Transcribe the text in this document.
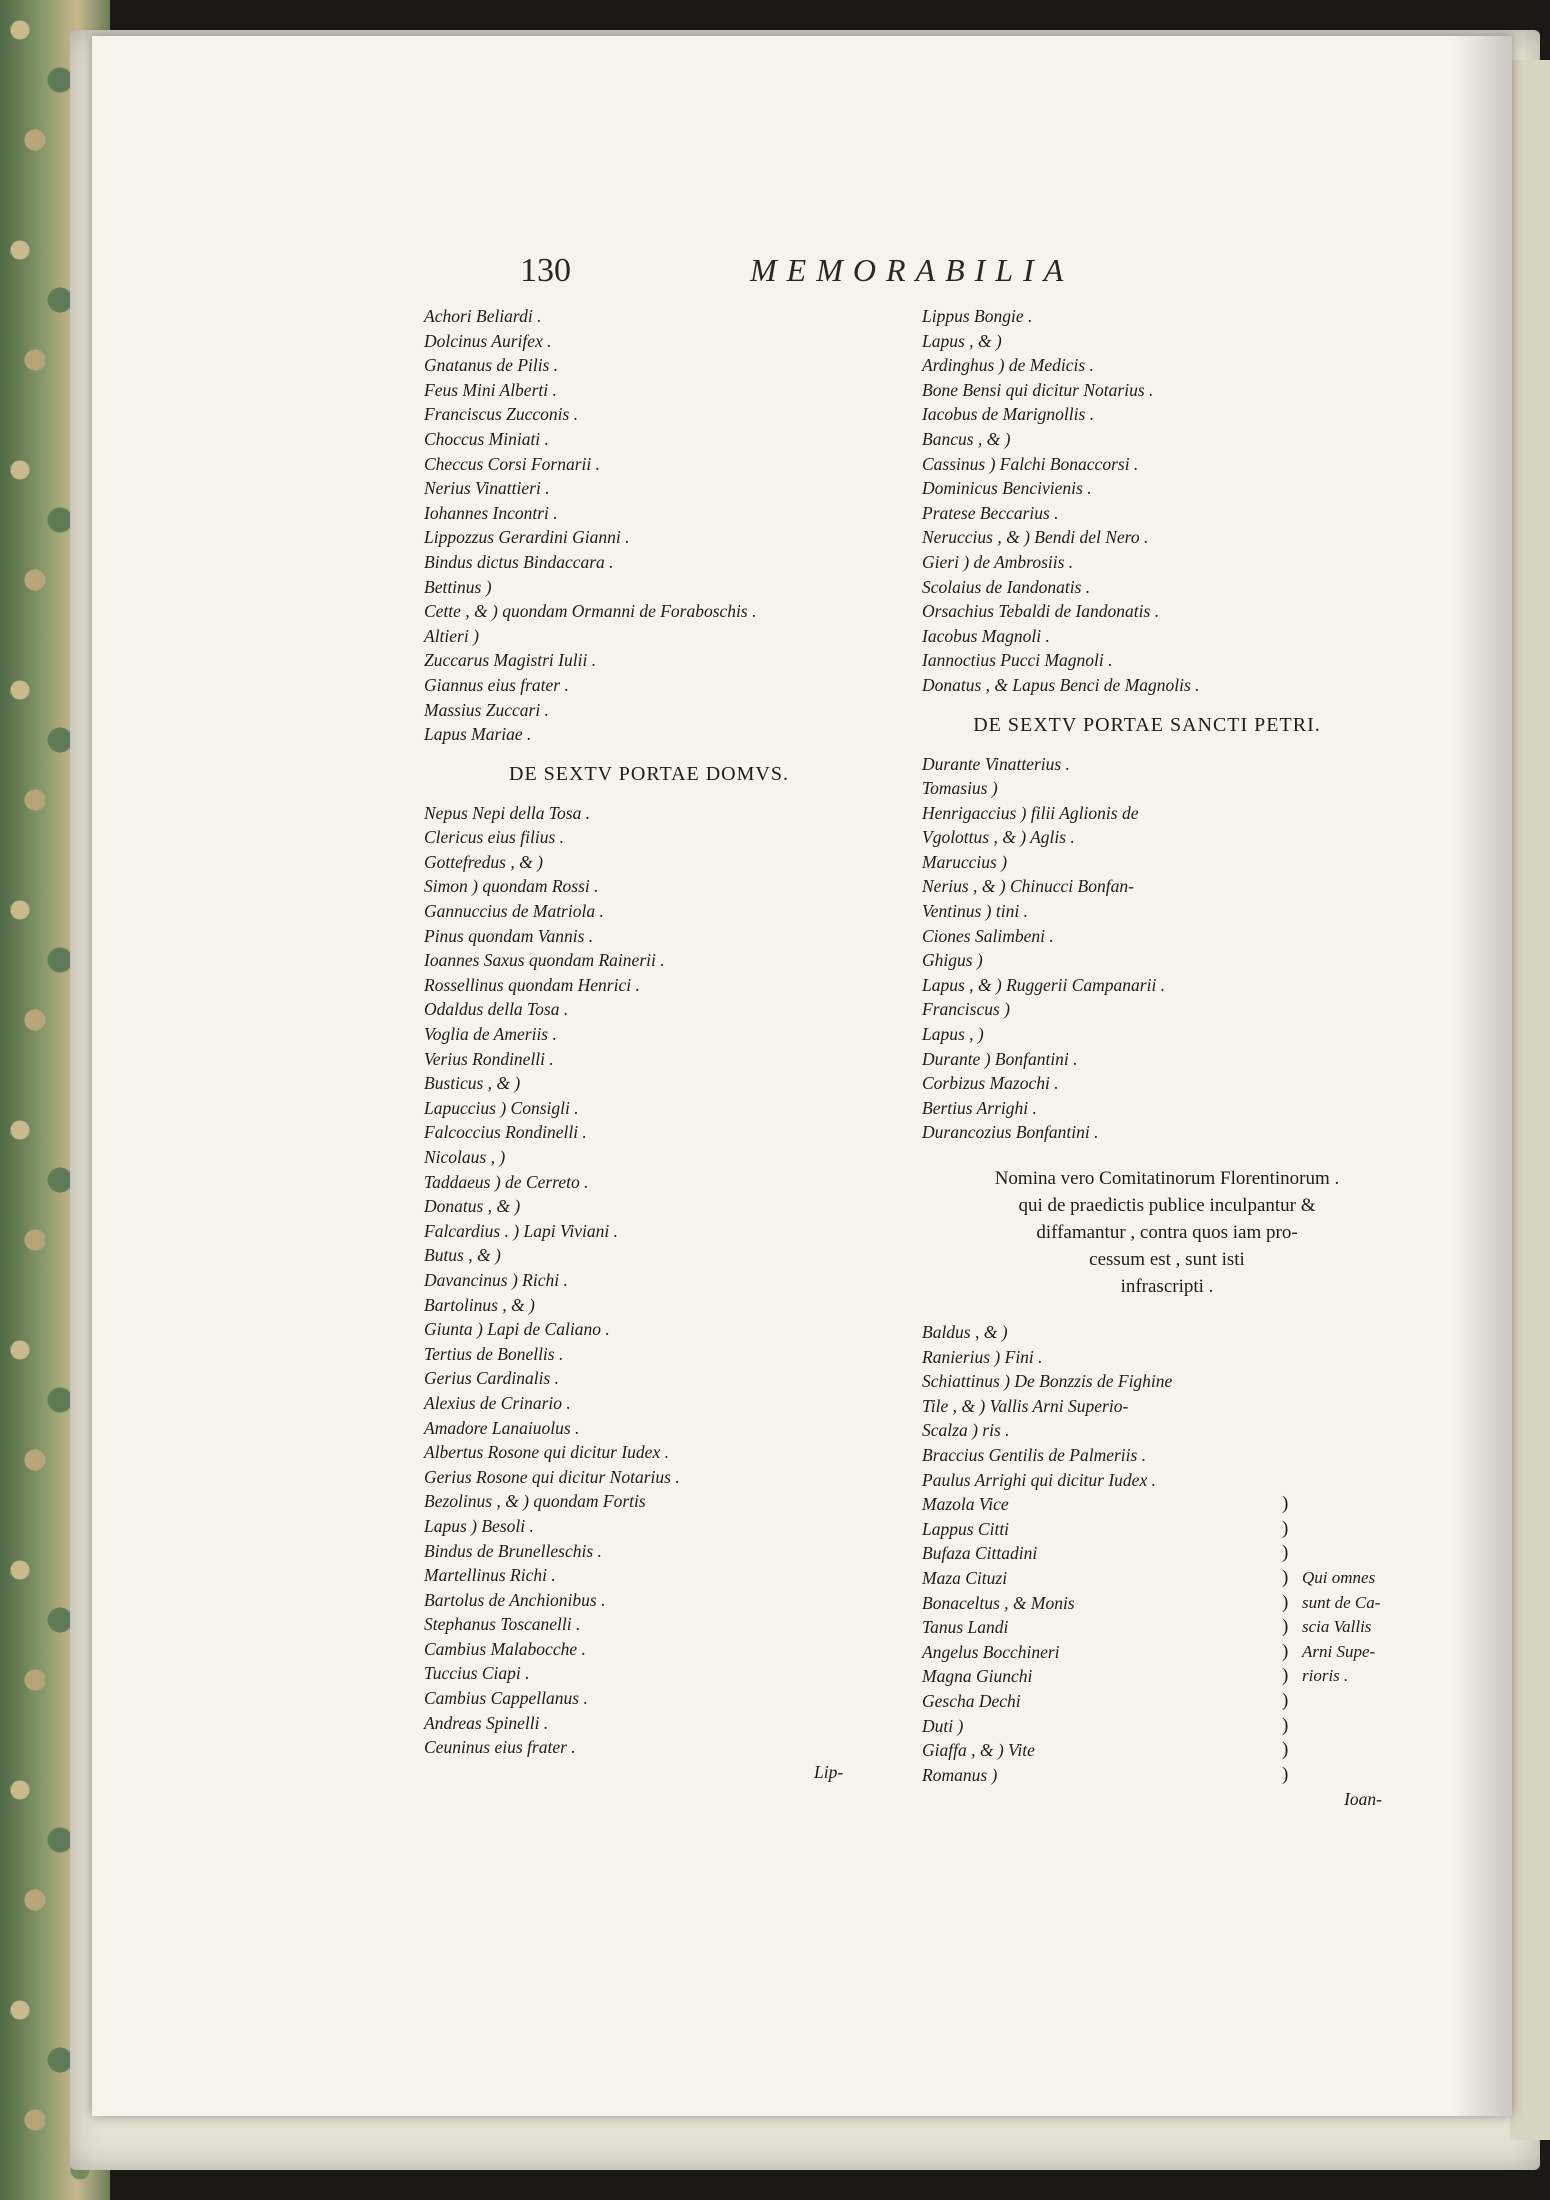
130	MEMORABILIA
Achori Beliardi .
Dolcinus Aurifex .
Gnatanus de Pilis .
Feus Mini Alberti .
Franciscus Zucconis .
Choccus Miniati .
Checcus Corsi Fornarii .
Nerius Vinattieri .
Iohannes Incontri .
Lippozzus Gerardini Gianni .
Bindus dictus Bindaccara .
Bettinus )
Cette , & ) quondam Ormanni de Foraboschis .
Altieri )
Zuccarus Magistri Iulii .
Giannus eius frater .
Massius Zuccari .
Lapus Mariae .
DE SEXTV PORTAE DOMVS.
Nepus Nepi della Tosa .
Clericus eius filius .
Gottefredus , & )
Simon ) quondam Rossi .
Gannuccius de Matriola .
Pinus quondam Vannis .
Ioannes Saxus quondam Rainerii .
Rossellinus quondam Henrici .
Odaldus della Tosa .
Voglia de Ameriis .
Verius Rondinelli .
Busticus , & )
Lapuccius ) Consigli .
Falcoccius Rondinelli .
Nicolaus , )
Taddaeus ) de Cerreto .
Donatus , & )
Falcardius . ) Lapi Viviani .
Butus , & )
Davancinus ) Richi .
Bartolinus , & )
Giunta ) Lapi de Caliano .
Tertius de Bonellis .
Gerius Cardinalis .
Alexius de Crinario .
Amadore Lanaiuolus .
Albertus Rosone qui dicitur Iudex .
Gerius Rosone qui dicitur Notarius .
Bezolinus , & ) quondam Fortis
Lapus ) Besoli .
Bindus de Brunelleschis .
Martellinus Richi .
Bartolus de Anchionibus .
Stephanus Toscanelli .
Cambius Malabocche .
Tuccius Ciapi .
Cambius Cappellanus .
Andreas Spinelli .
Ceuninus eius frater .
Lip-
Lippus Bongie .
Lapus , & )
Ardinghus ) de Medicis .
Bone Bensi qui dicitur Notarius .
Iacobus de Marignollis .
Bancus , & )
Cassinus ) Falchi Bonaccorsi .
Dominicus Bencivienis .
Pratese Beccarius .
Neruccius , & ) Bendi del Nero .
Gieri ) de Ambrosiis .
Scolaius de Iandonatis .
Orsachius Tebaldi de Iandonatis .
Iacobus Magnoli .
Iannoctius Pucci Magnoli .
Donatus , & Lapus Benci de Magnolis .
DE SEXTV PORTAE SANCTI PETRI.
Durante Vinatterius .
Tomasius )
Henrigaccius ) filii Aglionis de
Vgolottus , & ) Aglis .
Maruccius )
Nerius , & ) Chinucci Bonfan-
Ventinus ) tini .
Ciones Salimbeni .
Ghigus )
Lapus , & ) Ruggerii Campanarii .
Franciscus )
Lapus , )
Durante ) Bonfantini .
Corbizus Mazochi .
Bertius Arrighi .
Durancozius Bonfantini .
Nomina vero Comitatinorum Florentinorum .
qui de praedictis publice inculpantur &
diffamantur , contra quos iam pro-
cessum est , sunt isti
infrascripti .
Baldus , & )
Ranierius ) Fini .
Schiattinus ) De Bonzzis de Fighine
Tile , & ) Vallis Arni Superio-
Scalza ) ris .
Braccius Gentilis de Palmeriis .
Paulus Arrighi qui dicitur Iudex .
Mazola Vice	)
Lappus Citti	)
Bufaza Cittadini	)
Maza Cituzi	) Qui omnes
Bonaceltus , & Monis	) sunt de Ca-
Tanus Landi	) scia Vallis
Angelus Bocchineri	) Arni Supe-
Magna Giunchi	) rioris .
Gescha Dechi	)
Duti )	)
Giaffa , & ) Vite	)
Romanus )	)
Ioan-
